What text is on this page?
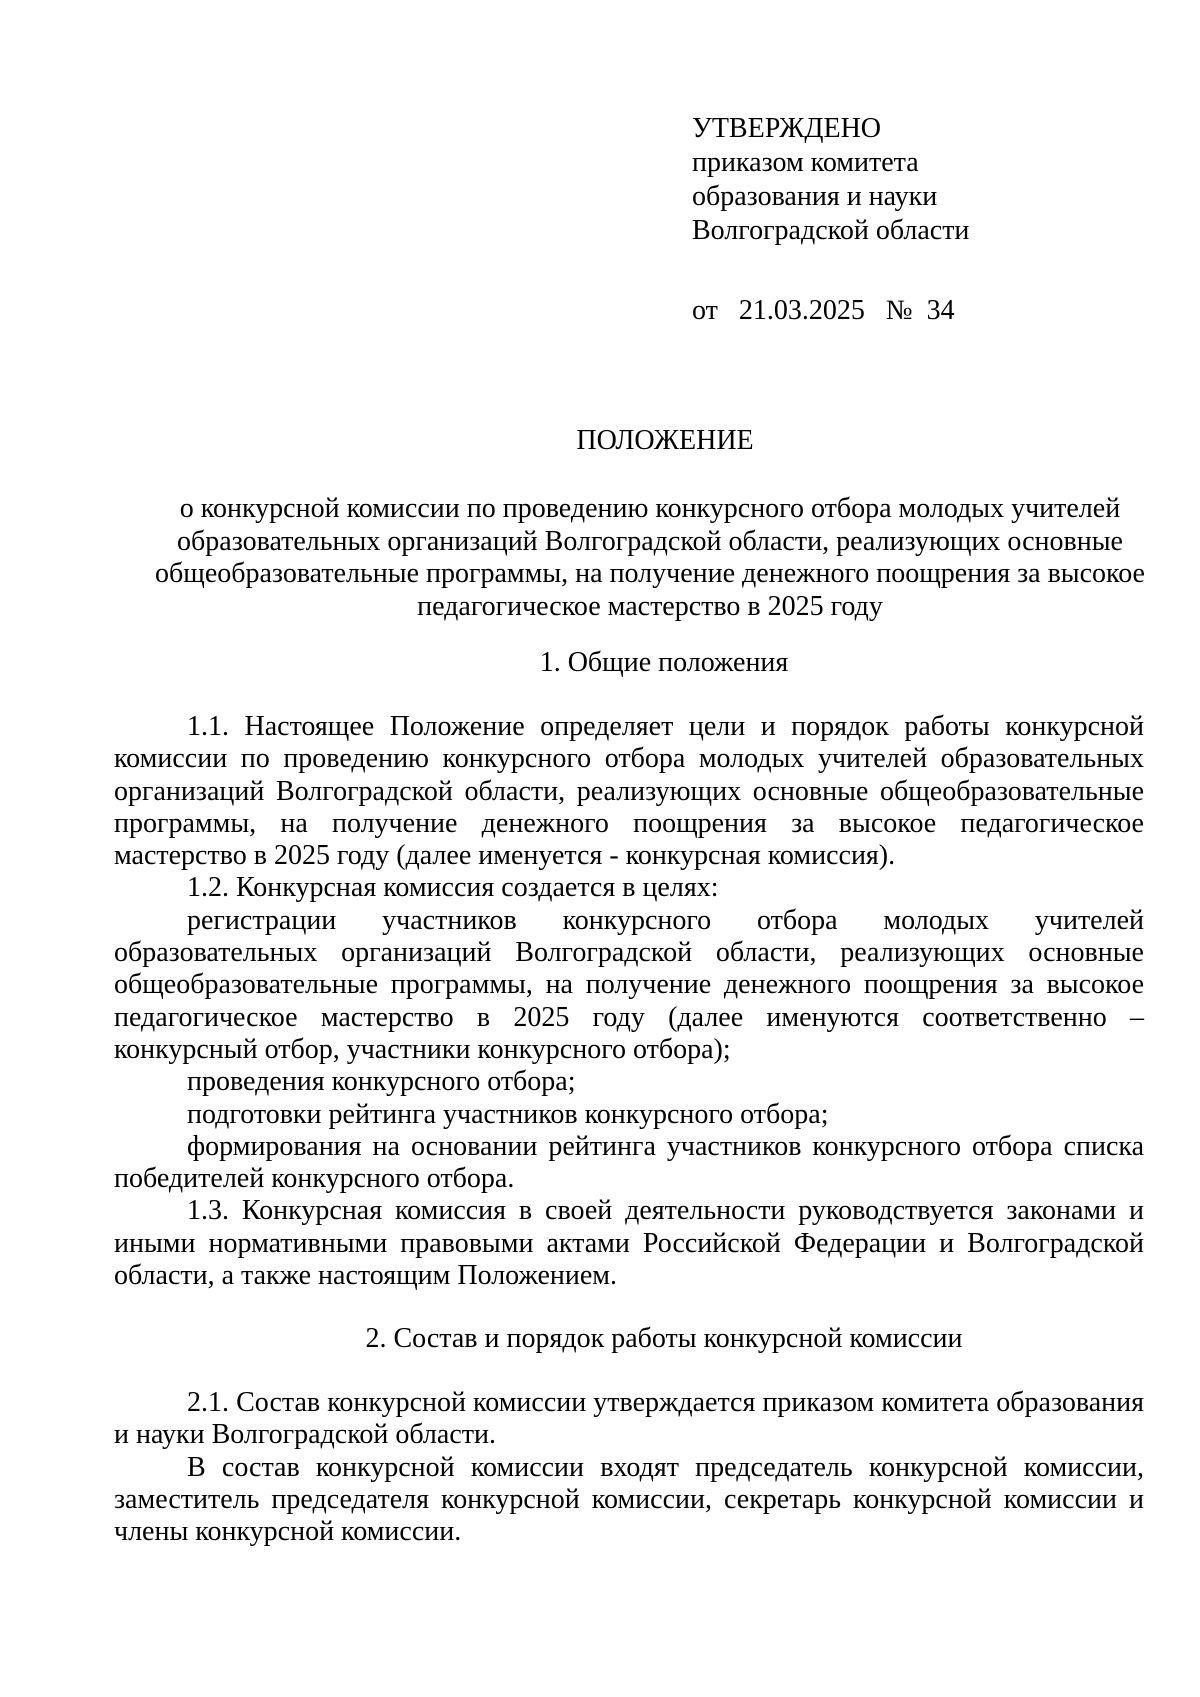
УТВЕРЖДЕНО
приказом комитета
образования и науки
Волгоградской области
от   21.03.2025   №  34
ПОЛОЖЕНИЕ
о конкурсной комиссии по проведению конкурсного отбора молодых учителей образовательных организаций Волгоградской области, реализующих основные общеобразовательные программы, на получение денежного поощрения за высокое педагогическое мастерство в 2025 году
1. Общие положения

1.1. Настоящее Положение определяет цели и порядок работы конкурсной комиссии по проведению конкурсного отбора молодых учителей образовательных организаций Волгоградской области, реализующих основные общеобразовательные программы, на получение денежного поощрения за высокое педагогическое мастерство в 2025 году (далее именуется - конкурсная комиссия).

1.2. Конкурсная комиссия создается в целях:

регистрации участников конкурсного отбора молодых учителей образовательных организаций Волгоградской области, реализующих основные общеобразовательные программы, на получение денежного поощрения за высокое педагогическое мастерство в 2025 году (далее именуются соответственно – конкурсный отбор, участники конкурсного отбора);

проведения конкурсного отбора;

подготовки рейтинга участников конкурсного отбора;

формирования на основании рейтинга участников конкурсного отбора списка победителей конкурсного отбора.

1.3. Конкурсная комиссия в своей деятельности руководствуется законами и иными нормативными правовыми актами Российской Федерации и Волгоградской области, а также настоящим Положением.

2. Состав и порядок работы конкурсной комиссии

2.1. Состав конкурсной комиссии утверждается приказом комитета образования и науки Волгоградской области.

В состав конкурсной комиссии входят председатель конкурсной комиссии, заместитель председателя конкурсной комиссии, секретарь конкурсной комиссии и члены конкурсной комиссии.
